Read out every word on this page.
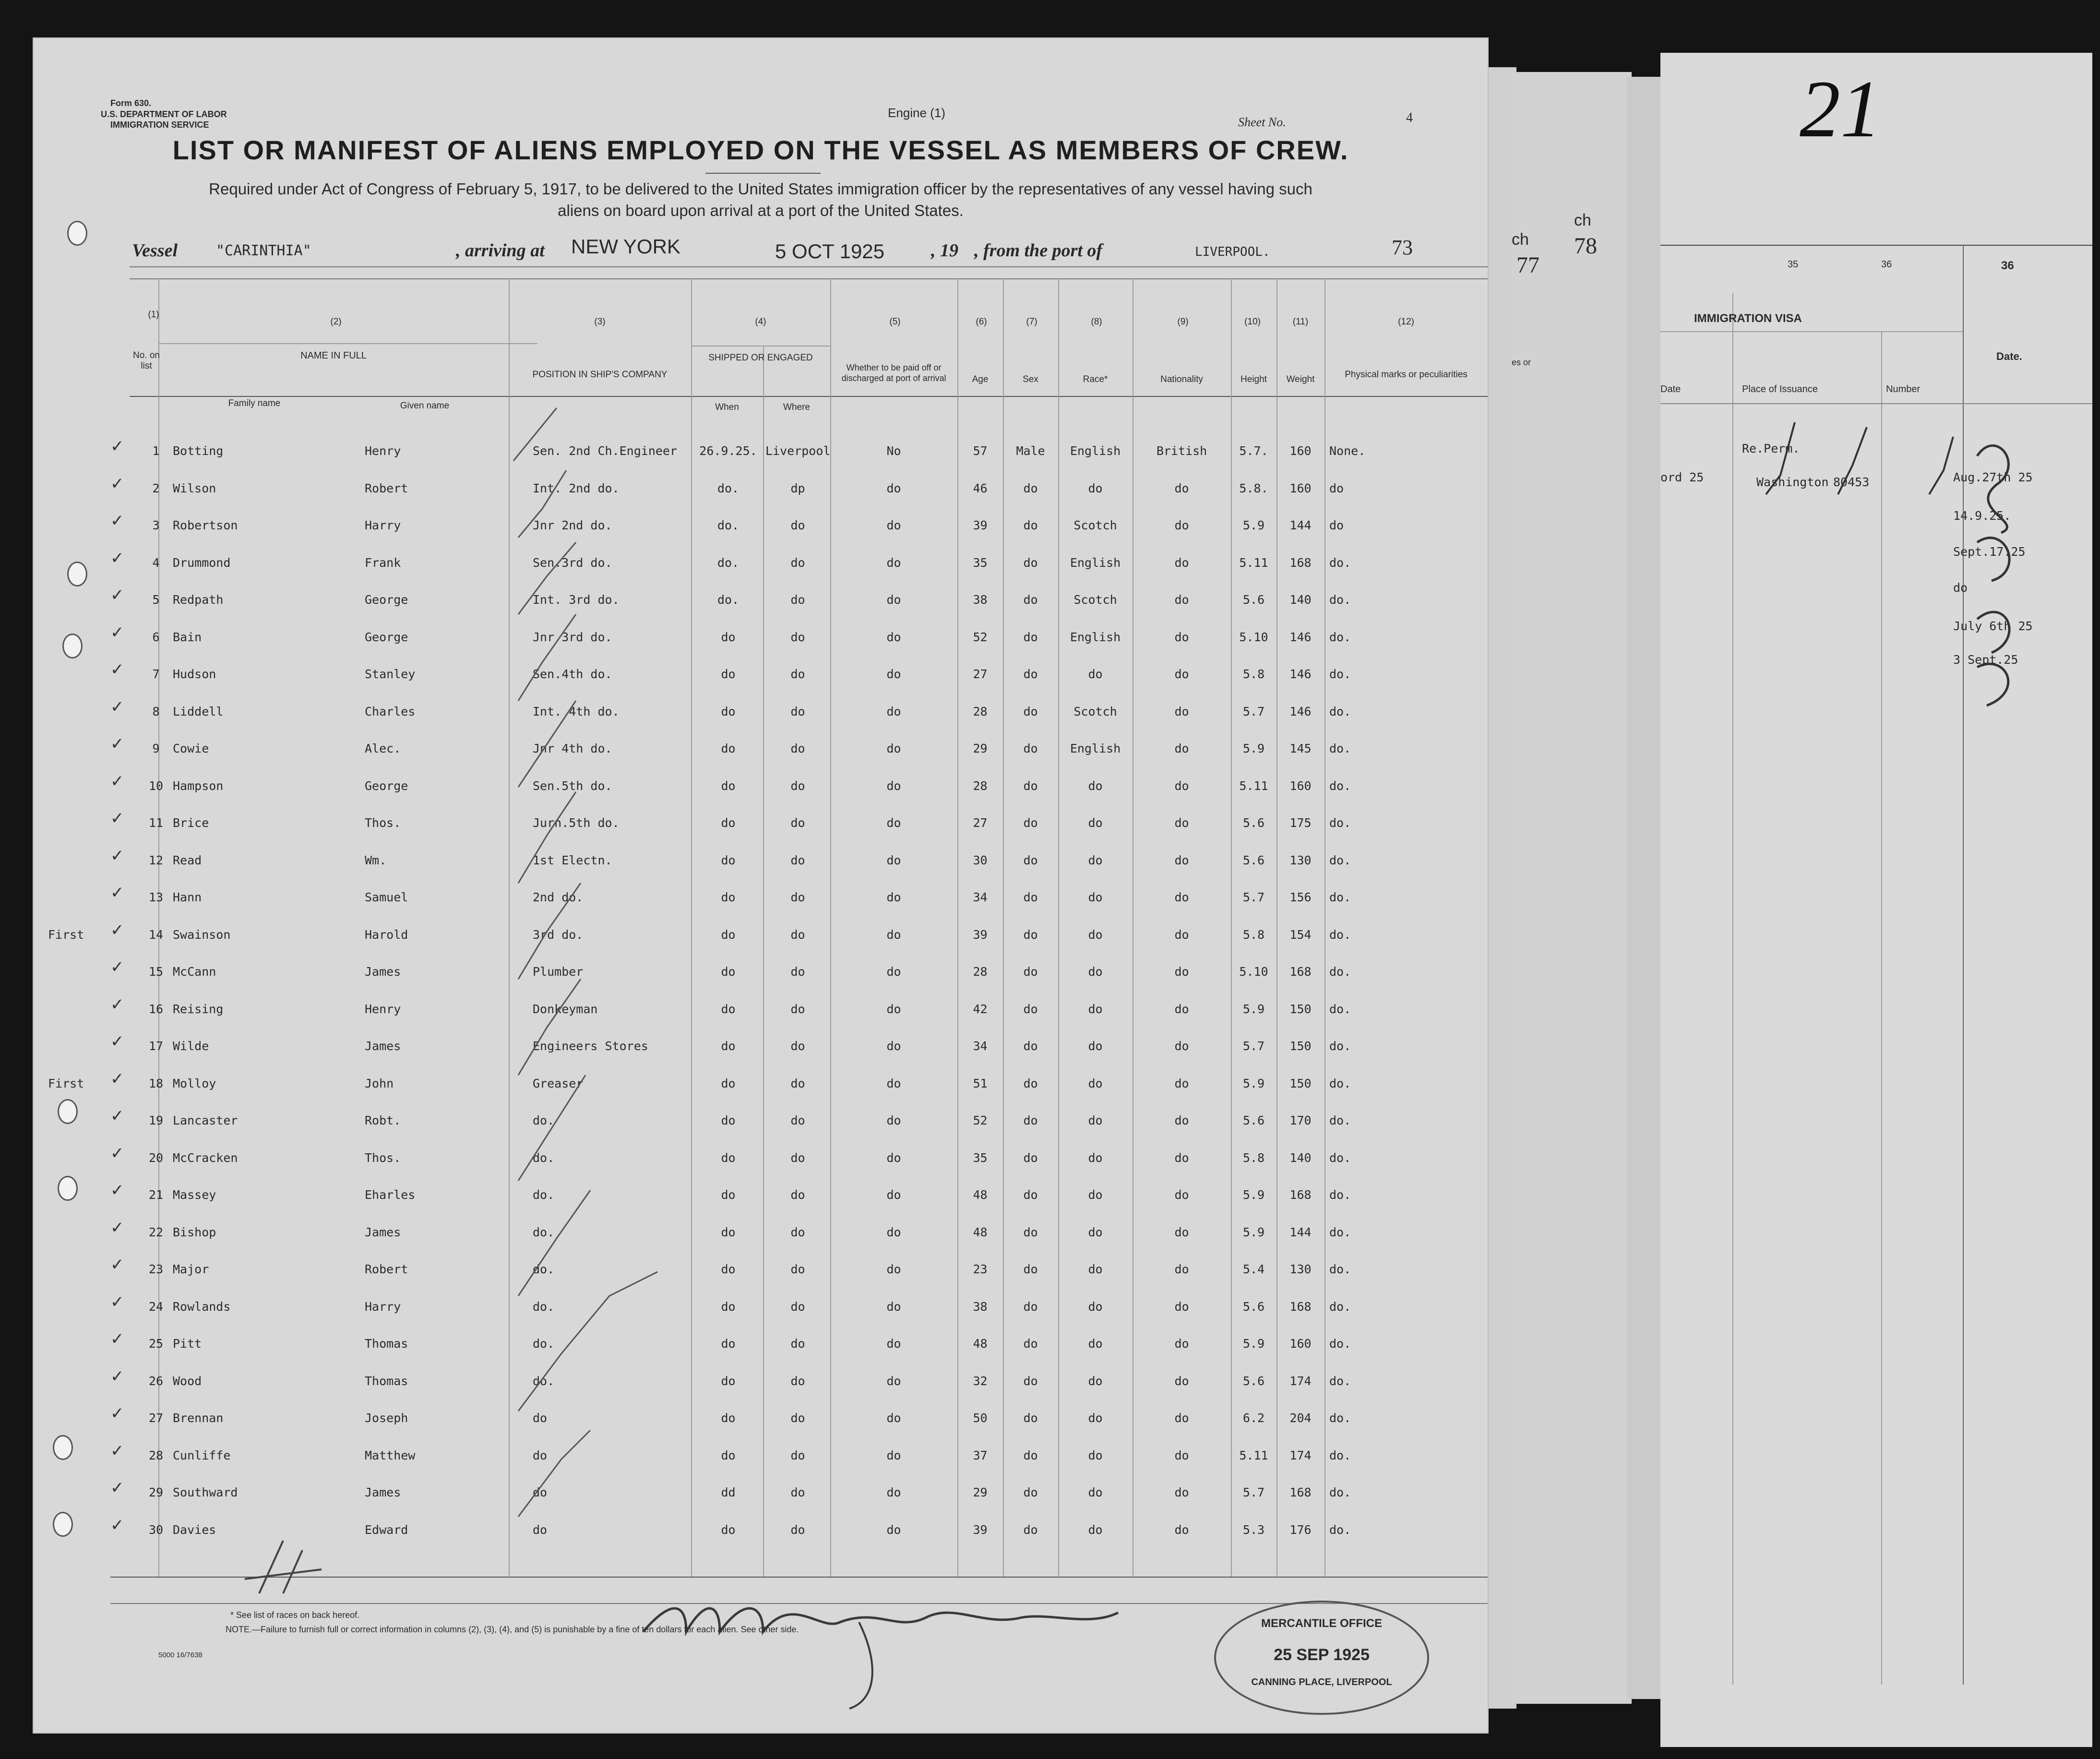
ch
77
ch
78
es or
21
35	36	36
IMMIGRATION VISA
Date.
Date	Place of Issuance	Number
Re.Perm.
ord 25	Washington 80453	Aug.27th 25
14.9.25.
Sept.17.25
do
July 6th 25
3 Sept.25
Form 630.
U.S. DEPARTMENT OF LABOR
IMMIGRATION SERVICE
Engine (1)
Sheet No.	4
LIST OR MANIFEST OF ALIENS EMPLOYED ON THE VESSEL AS MEMBERS OF CREW.
Required under Act of Congress of February 5, 1917, to be delivered to the United States immigration officer by the representatives of any vessel having such
aliens on board upon arrival at a port of the United States.
Vessel	"CARINTHIA"	, arriving at NEW YORK	5 OCT 1925	, 19 , from the port of	LIVERPOOL.	73
(1)
(2)	(3)	(4)	(5)	(6)	(7)	(8)	(9)	(10)	(11)	(12)
No. on list
NAME IN FULL
Family name	Given name
POSITION IN SHIP'S COMPANY
SHIPPED OR ENGAGED
When	Where
Whether to be paid off or discharged at port of arrival	Age	Sex	Race*	Nationality	Height	Weight	Physical marks or peculiarities
1	Botting	Henry	Sen. 2nd Ch.Engineer	26.9.25. Liverpool	No	57	Male	English	British	5.7.	160	None.
✓
2	Wilson	Robert	Int. 2nd do.	do.	dp	do	46	do	do	do	5.8.	160	do
✓
3	Robertson	Harry	Jnr 2nd do.	do.	do	do	39	do	Scotch	do	5.9	144	do
✓
4	Drummond	Frank	Sen.3rd do.	do.	do	do	35	do	English	do	5.11	168	do.
✓
5	Redpath	George	Int. 3rd do.	do.	do	do	38	do	Scotch	do	5.6	140	do.
✓
6	Bain	George	Jnr 3rd do.	do	do	do	52	do	English	do	5.10	146	do.
✓
7	Hudson	Stanley	Sen.4th do.	do	do	do	27	do	do	do	5.8	146	do.
✓
8	Liddell	Charles	Int. 4th do.	do	do	do	28	do	Scotch	do	5.7	146	do.
✓
9	Cowie	Alec.	Jnr 4th do.	do	do	do	29	do	English	do	5.9	145	do.
✓
10 Hampson	George	Sen.5th do.	do	do	do	28	do	do	do	5.11	160	do.
✓
11 Brice	Thos.	Jurn.5th do.	do	do	do	27	do	do	do	5.6	175	do.
✓
12 Read	Wm.	1st Electn.	do	do	do	30	do	do	do	5.6	130	do.
✓
13 Hann	Samuel	2nd do.	do	do	do	34	do	do	do	5.7	156	do.
✓
14 Swainson	Harold	3rd do.	do	do	do	39	do	do	do	5.8	154	do.
✓
First
15 McCann	James	Plumber	do	do	do	28	do	do	do	5.10	168	do.
✓
16 Reising	Henry	Donkeyman	do	do	do	42	do	do	do	5.9	150	do.
✓
17 Wilde	James	Engineers Stores	do	do	do	34	do	do	do	5.7	150	do.
✓
18 Molloy	John	Greaser	do	do	do	51	do	do	do	5.9	150	do.
✓
First
19 Lancaster	Robt.	do.	do	do	do	52	do	do	do	5.6	170	do.
✓
20 McCracken	Thos.	do.	do	do	do	35	do	do	do	5.8	140	do.
✓
21 Massey	Eharles	do.	do	do	do	48	do	do	do	5.9	168	do.
✓
22 Bishop	James	do.	do	do	do	48	do	do	do	5.9	144	do.
✓
23 Major	Robert	do.	do	do	do	23	do	do	do	5.4	130	do.
✓
24 Rowlands	Harry	do.	do	do	do	38	do	do	do	5.6	168	do.
✓
25 Pitt	Thomas	do.	do	do	do	48	do	do	do	5.9	160	do.
✓
26 Wood	Thomas	do.	do	do	do	32	do	do	do	5.6	174	do.
✓
27 Brennan	Joseph	do	do	do	do	50	do	do	do	6.2	204	do.
✓
28 Cunliffe	Matthew	do	do	do	do	37	do	do	do	5.11	174	do.
✓
29 Southward	James	do	dd	do	do	29	do	do	do	5.7	168	do.
✓
30 Davies	Edward	do	do	do	do	39	do	do	do	5.3	176	do.
✓
* See list of races on back hereof.
NOTE.—Failure to furnish full or correct information in columns (2), (3), (4), and (5) is punishable by a fine of ten dollars for each alien. See other side.
5000 16/7638
MERCANTILE OFFICE
25 SEP 1925
CANNING PLACE, LIVERPOOL
